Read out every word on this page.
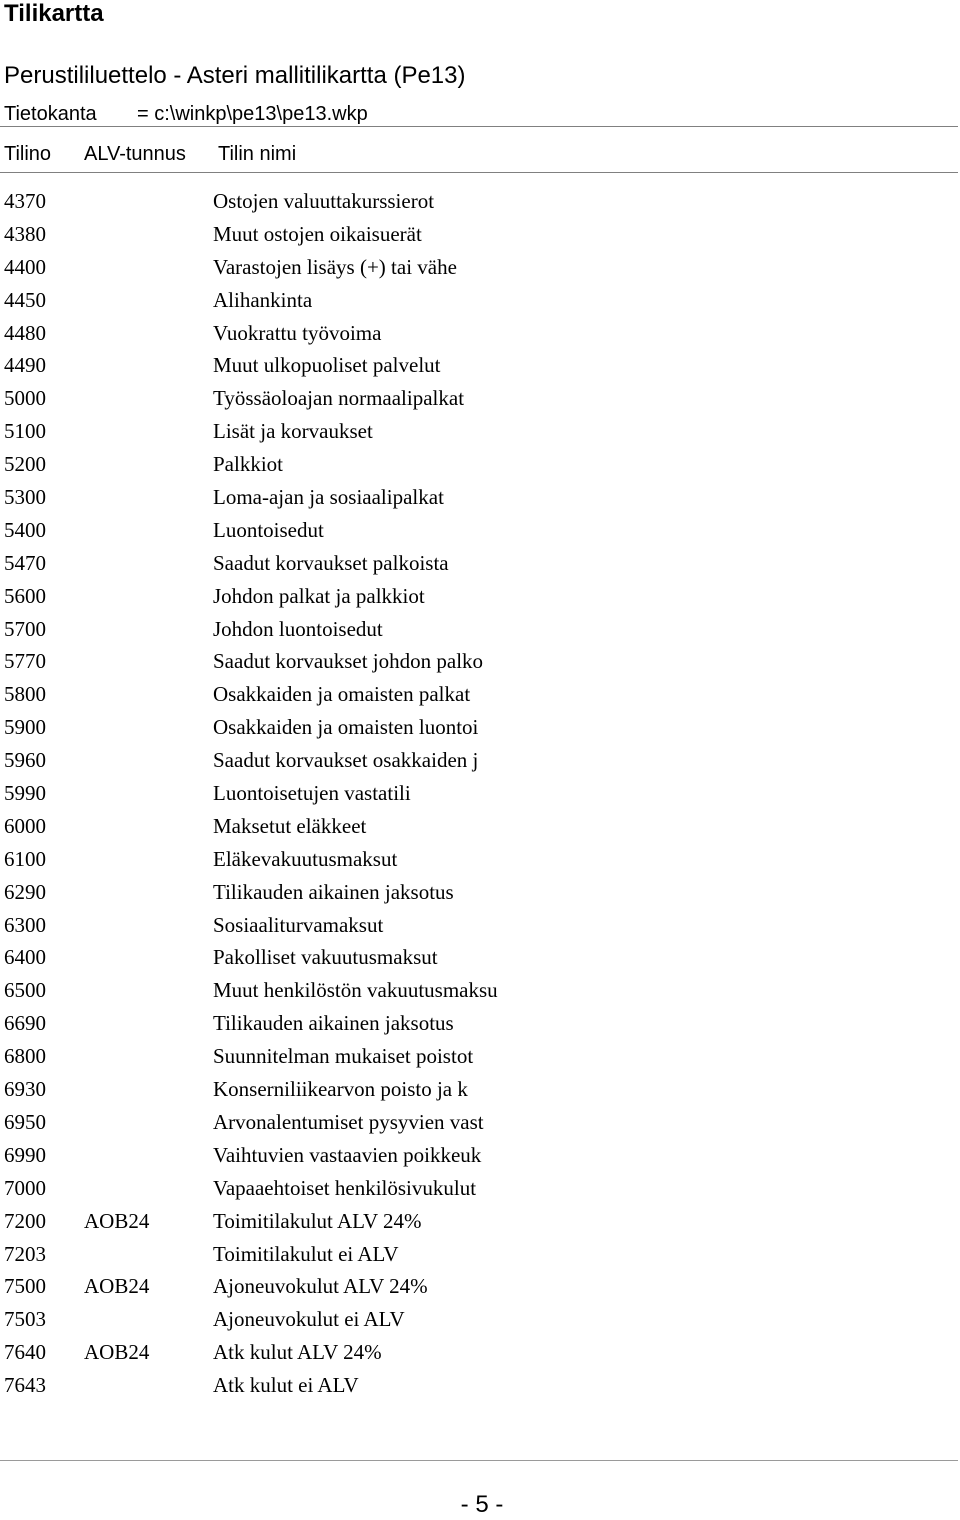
Tilikartta
Perustililuettelo - Asteri mallitilikartta (Pe13)
Tietokanta = c:\winkp\pe13\pe13.wkp
Tilino ALV-tunnus Tilin nimi
4370	Ostojen valuuttakurssierot
4380	Muut ostojen oikaisuerät
4400	Varastojen lisäys (+) tai vähe
4450	Alihankinta
4480	Vuokrattu työvoima
4490	Muut ulkopuoliset palvelut
5000	Työssäoloajan normaalipalkat
5100	Lisät ja korvaukset
5200	Palkkiot
5300	Loma-ajan ja sosiaalipalkat
5400	Luontoisedut
5470	Saadut korvaukset palkoista
5600	Johdon palkat ja palkkiot
5700	Johdon luontoisedut
5770	Saadut korvaukset johdon palko
5800	Osakkaiden ja omaisten palkat
5900	Osakkaiden ja omaisten luontoi
5960	Saadut korvaukset osakkaiden j
5990	Luontoisetujen vastatili
6000	Maksetut eläkkeet
6100	Eläkevakuutusmaksut
6290	Tilikauden aikainen jaksotus
6300	Sosiaaliturvamaksut
6400	Pakolliset vakuutusmaksut
6500	Muut henkilöstön vakuutusmaksu
6690	Tilikauden aikainen jaksotus
6800	Suunnitelman mukaiset poistot
6930	Konserniliikearvon poisto ja k
6950	Arvonalentumiset pysyvien vast
6990	Vaihtuvien vastaavien poikkeuk
7000	Vapaaehtoiset henkilösivukulut
7200 AOB24	Toimitilakulut ALV 24%
7203	Toimitilakulut ei ALV
7500 AOB24	Ajoneuvokulut ALV 24%
7503	Ajoneuvokulut ei ALV
7640 AOB24	Atk kulut ALV 24%
7643	Atk kulut ei ALV
- 5 -
